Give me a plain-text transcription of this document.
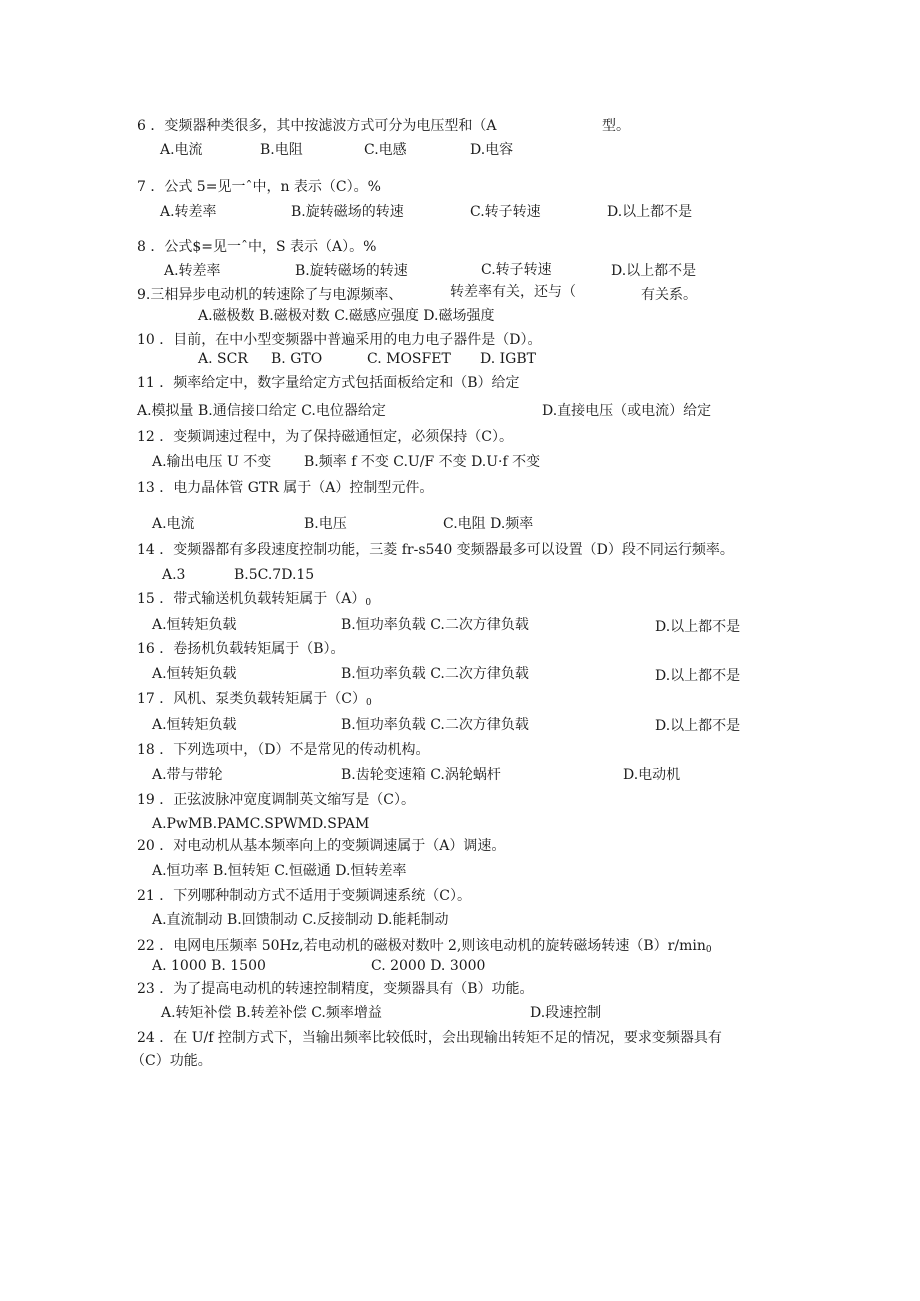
6 ．变频器种类很多，其中按滤波方式可分为电压型和（A	型。
A.电流	B.电阻	C.电感	D.电容
7 ．公式 5=见一ˆ中，n 表示（C）。%
A.转差率	B.旋转磁场的转速	C.转子转速	D.以上都不是
8 ．公式$=见一ˆ中，S 表示（A）。%
A.转差率	B.旋转磁场的转速	C.转子转速	D.以上都不是
9.三相异步电动机的转速除了与电源频率、	转差率有关，还与（	有关系。
A.磁极数 B.磁极对数 C.磁感应强度 D.磁场强度
10 ．目前，在中小型变频器中普遍采用的电力电子器件是（D）。
A. SCR B. GTO	C. MOSFET D. IGBT
11 ．频率给定中，数字量给定方式包括面板给定和（B）给定
A.模拟量 B.通信接口给定 C.电位器给定	D.直接电压（或电流）给定
12 ．变频调速过程中，为了保持磁通恒定，必须保持（C）。
A.输出电压 U 不变 B.频率 f 不变 C.U/F 不变 D.U·f 不变
13 ．电力晶体管 GTR 属于（A）控制型元件。
A.电流	B.电压	C.电阻 D.频率
14 ．变频器都有多段速度控制功能，三菱 fr-s540 变频器最多可以设置（D）段不同运行频率。
A.3	B.5C.7D.15
15 ．带式输送机负载转矩属于$(A)_0$
A.恒转矩负载	B.恒功率负载 C.二次方律负载	D.以上都不是
16 ．卷扬机负载转矩属于（B）。
A.恒转矩负载	B.恒功率负载 C.二次方律负载	D.以上都不是
17 ．风机、泵类负载转矩属于$(C)_0$
A.恒转矩负载	B.恒功率负载 C.二次方律负载	D.以上都不是
18 ．下列选项中，（D）不是常见的传动机构。
A.带与带轮	B.齿轮变速箱 C.涡轮蜗杆	D.电动机
19 ．正弦波脉冲宽度调制英文缩写是（C）。
A.PwMB.PAMC.SPWMD.SPAM
20 ．对电动机从基本频率向上的变频调速属于（A）调速。
A.恒功率 B.恒转矩 C.恒磁通 D.恒转差率
21 ．下列哪种制动方式不适用于变频调速系统（C）。
A.直流制动 B.回馈制动 C.反接制动 D.能耗制动
22 ．电网电压频率 50Hz,若电动机的磁极对数叶 2,则该电动机的旋转磁场转速$(B)r/\min_0$
A. 1000 B. 1500	C. 2000 D. 3000
23 ．为了提高电动机的转速控制精度，变频器具有（B）功能。
A.转矩补偿 B.转差补偿 C.频率增益	D.段速控制
24 ．在 U/f 控制方式下，当输出频率比较低时，会出现输出转矩不足的情况，要求变频器具有
（C）功能。
